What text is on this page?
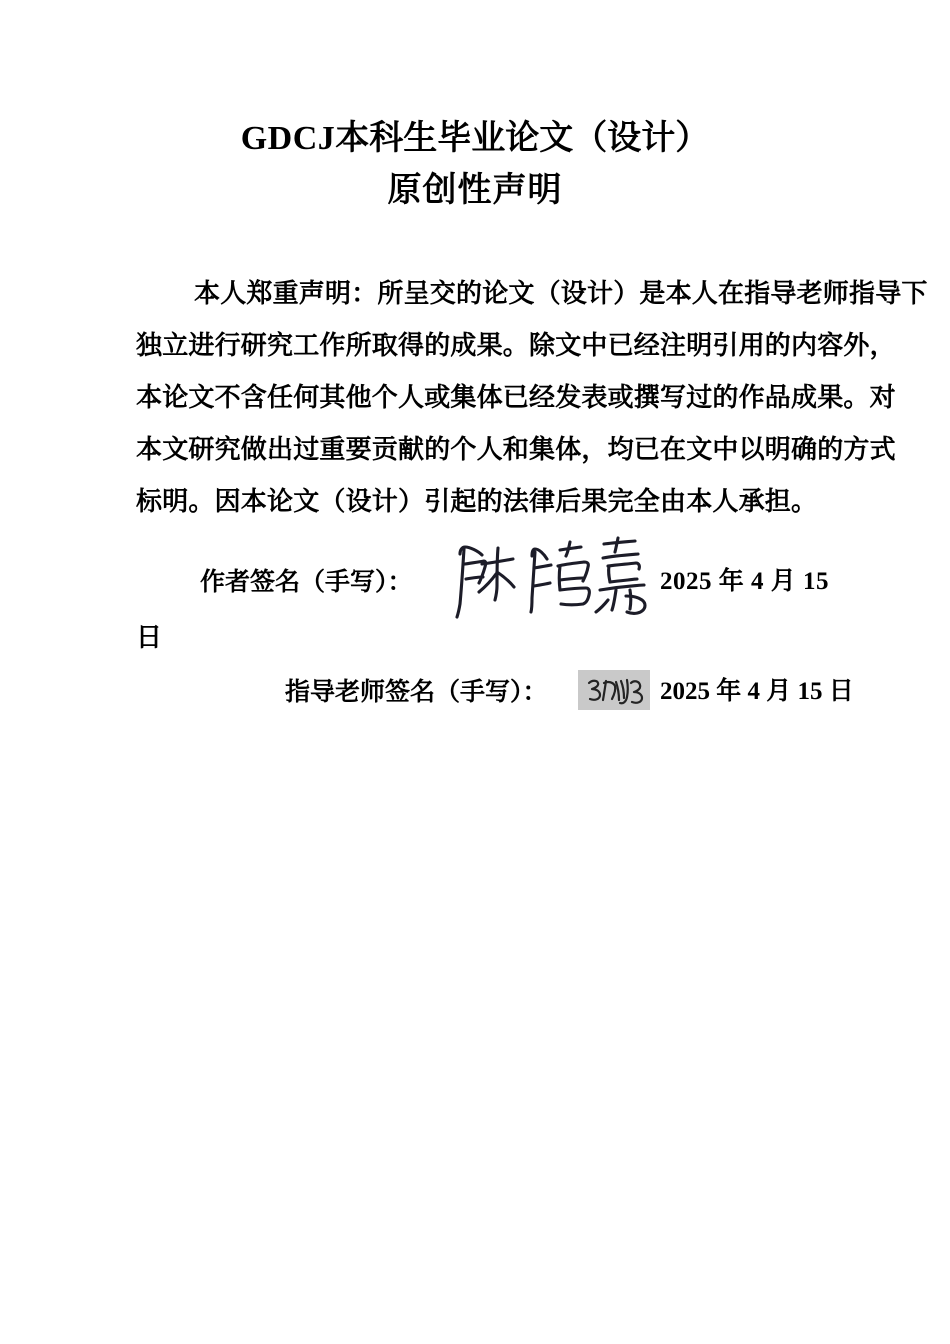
GDCJ本科生毕业论文（设计）
原创性声明
本人郑重声明：所呈交的论文（设计）是本人在指导老师指导下
独立进行研究工作所取得的成果。除文中已经注明引用的内容外，
本论文不含任何其他个人或集体已经发表或撰写过的作品成果。对
本文研究做出过重要贡献的个人和集体，均已在文中以明确的方式
标明。因本论文（设计）引起的法律后果完全由本人承担。
作者签名（手写）：	2025 年 4 月 15
日
指导老师签名（手写）：	2025 年 4 月 15 日
